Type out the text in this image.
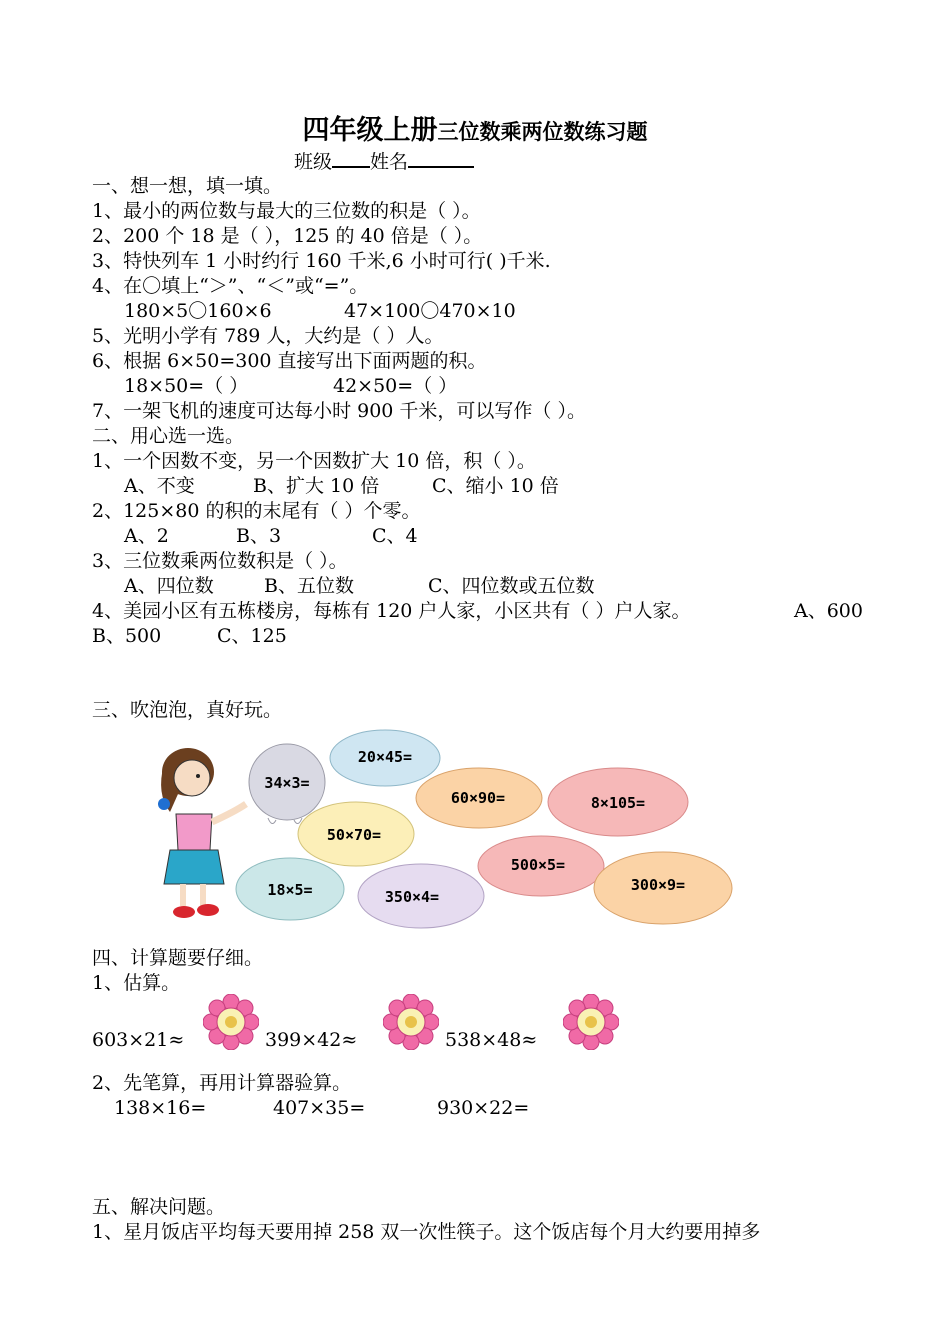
四年级上册三位数乘两位数练习题
班级 姓名
一、想一想，填一填。
1、最小的两位数与最大的三位数的积是（ ）。
2、200 个 18 是（ ），125 的 40 倍是（ ）。
3、特快列车 1 小时约行 160 千米,6 小时可行( )千米.
4、在〇填上“＞”、“＜”或“=”。
180×5〇160×6	47×100〇470×10
5、光明小学有 789 人，大约是（ ）人。
6、根据 6×50=300 直接写出下面两题的积。
18×50=（ ）	42×50=（ ）
7、一架飞机的速度可达每小时 900 千米，可以写作（ ）。
二、用心选一选。
1、一个因数不变，另一个因数扩大 10 倍，积（ ）。
A、不变	B、扩大 10 倍	C、缩小 10 倍
2、125×80 的积的末尾有（ ）个零。
A、2	B、3	C、4
3、三位数乘两位数积是（ ）。
A、四位数	B、五位数	C、四位数或五位数
4、美园小区有五栋楼房，每栋有 120 户人家，小区共有（ ）户人家。	A、600
B、500	C、125
三、吹泡泡，真好玩。
34×3=
20×45=
60×90=	8×105=
50×70=
500×5=
18×5=	350×4=
300×9=
四、计算题要仔细。
1、估算。
603×21≈	399×42≈	538×48≈
2、先笔算，再用计算器验算。
138×16=	407×35=	930×22=
五、解决问题。
1、星月饭店平均每天要用掉 258 双一次性筷子。这个饭店每个月大约要用掉多
